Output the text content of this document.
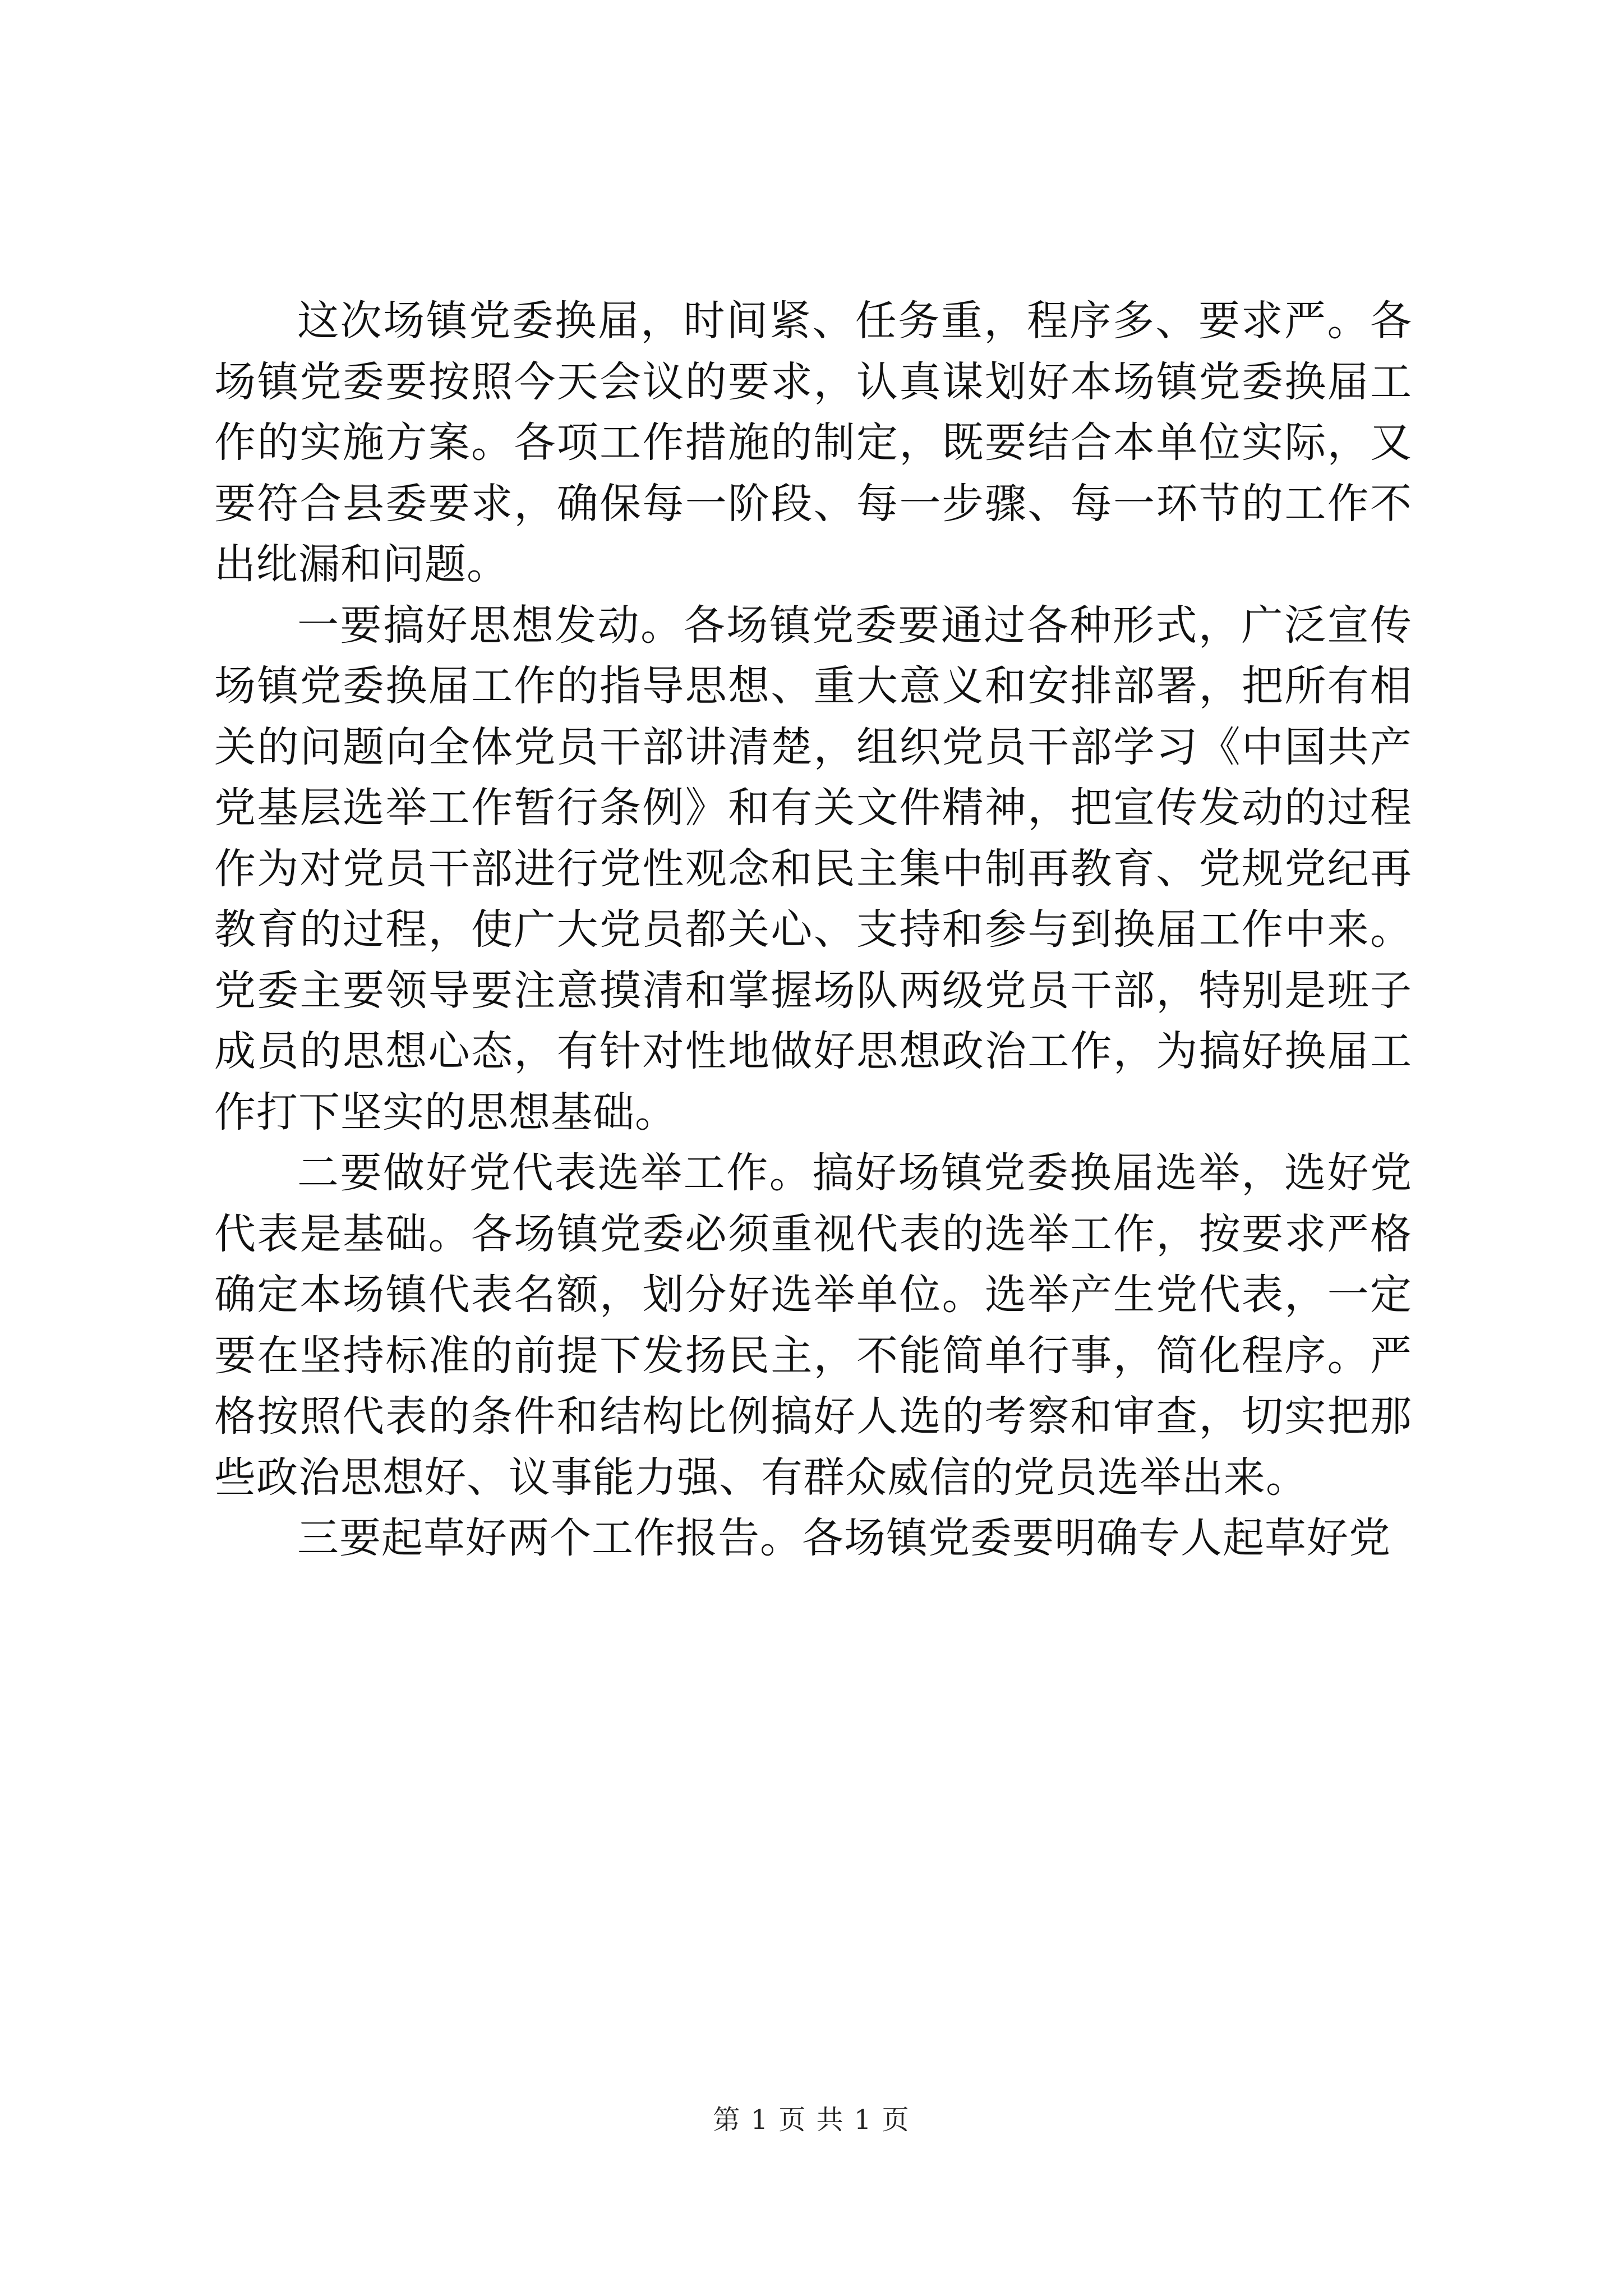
这次场镇党委换届，时间紧、任务重，程序多、要求严。各场镇党委要按照今天会议的要求，认真谋划好本场镇党委换届工作的实施方案。各项工作措施的制定，既要结合本单位实际，又要符合县委要求，确保每一阶段、每一步骤、每一环节的工作不出纰漏和问题。

一要搞好思想发动。各场镇党委要通过各种形式，广泛宣传场镇党委换届工作的指导思想、重大意义和安排部署，把所有相关的问题向全体党员干部讲清楚，组织党员干部学习《中国共产党基层选举工作暂行条例》和有关文件精神，把宣传发动的过程作为对党员干部进行党性观念和民主集中制再教育、党规党纪再教育的过程，使广大党员都关心、支持和参与到换届工作中来。党委主要领导要注意摸清和掌握场队两级党员干部，特别是班子成员的思想心态，有针对性地做好思想政治工作，为搞好换届工作打下坚实的思想基础。

二要做好党代表选举工作。搞好场镇党委换届选举，选好党代表是基础。各场镇党委必须重视代表的选举工作，按要求严格确定本场镇代表名额，划分好选举单位。选举产生党代表，一定要在坚持标准的前提下发扬民主，不能简单行事，简化程序。严格按照代表的条件和结构比例搞好人选的考察和审查，切实把那些政治思想好、议事能力强、有群众威信的党员选举出来。

三要起草好两个工作报告。各场镇党委要明确专人起草好党

第 1 页 共 1 页
